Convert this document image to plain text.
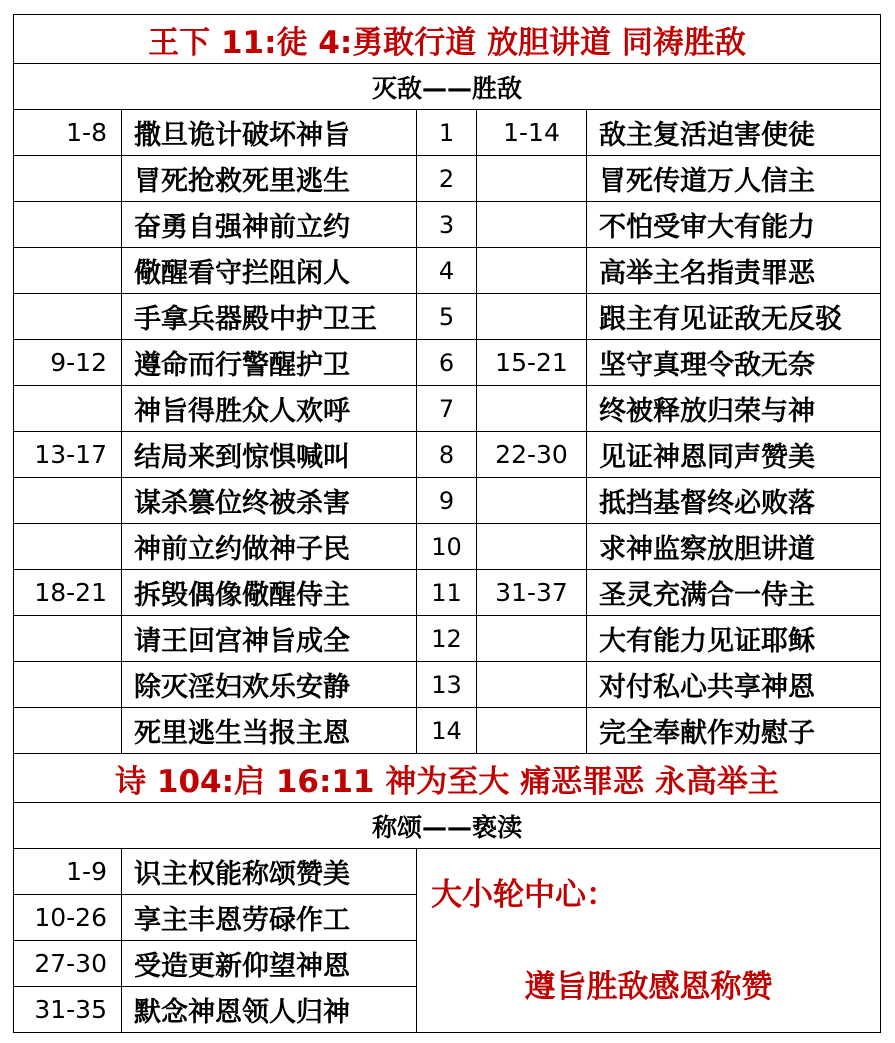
王下 11:徒 4:勇敢行道 放胆讲道 同祷胜敌				
灭敌——胜敌				
1-8	撒旦诡计破坏神旨	1	1-14	敌主复活迫害使徒
	冒死抢救死里逃生	2		冒死传道万人信主
	奋勇自强神前立约	3		不怕受审大有能力
	儆醒看守拦阻闲人	4		高举主名指责罪恶
	手拿兵器殿中护卫王	5		跟主有见证敌无反驳
9-12	遵命而行警醒护卫	6	15-21	坚守真理令敌无奈
	神旨得胜众人欢呼	7		终被释放归荣与神
13-17	结局来到惊惧喊叫	8	22-30	见证神恩同声赞美
	谋杀篡位终被杀害	9		抵挡基督终必败落
	神前立约做神子民	10		求神监察放胆讲道
18-21	拆毁偶像儆醒侍主	11	31-37	圣灵充满合一侍主
	请王回宫神旨成全	12		大有能力见证耶稣
	除灭淫妇欢乐安静	13		对付私心共享神恩
	死里逃生当报主恩	14		完全奉献作劝慰子
诗 104:启 16:11 神为至大 痛恶罪恶 永高举主				
称颂——亵渎				
1-9	识主权能称颂赞美	大小轮中心：
遵旨胜敌感恩称赞		

10-26	享主丰恩劳碌作工			
27-30	受造更新仰望神恩			
31-35	默念神恩领人归神			
